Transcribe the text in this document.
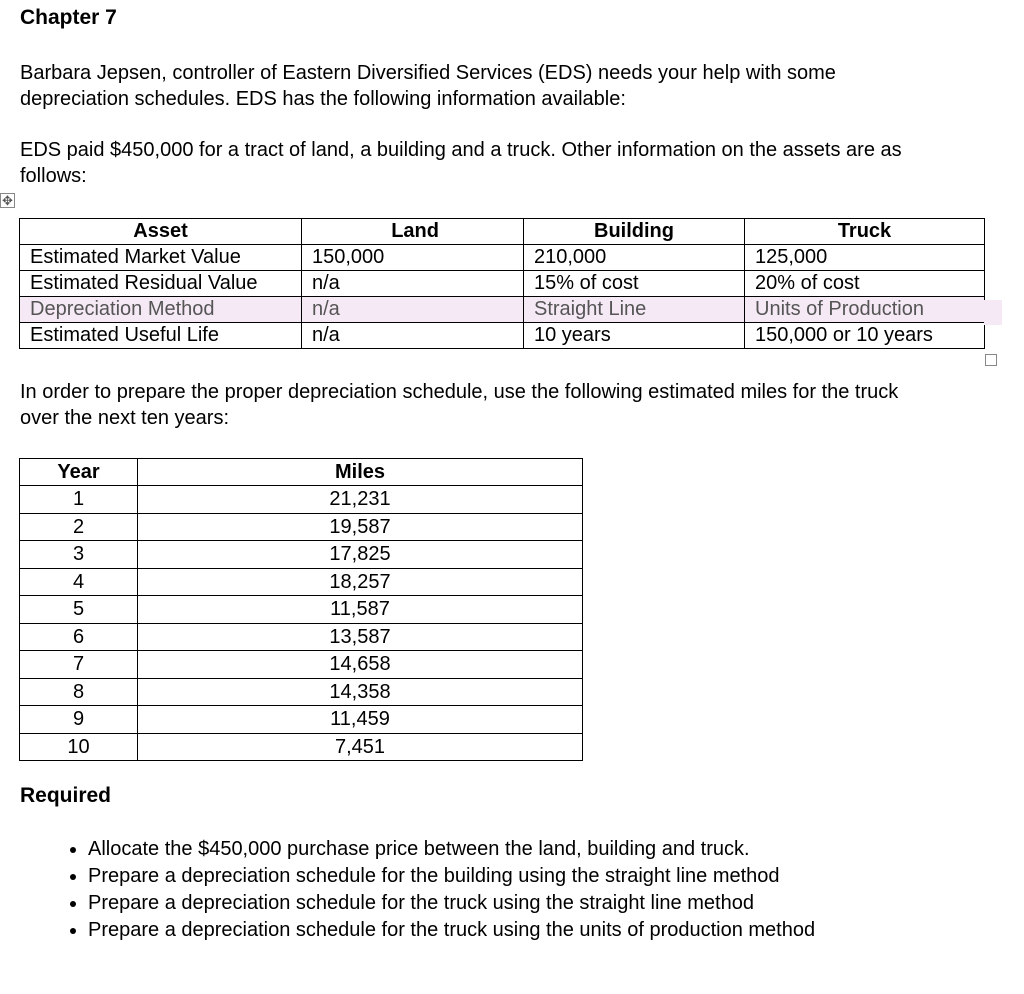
Chapter 7
Barbara Jepsen, controller of Eastern Diversified Services (EDS) needs your help with some depreciation schedules. EDS has the following information available:
EDS paid $450,000 for a tract of land, a building and a truck. Other information on the assets are as follows:
✥
Asset	Land	Building	Truck
Estimated Market Value	150,000	210,000	125,000
Estimated Residual Value	n/a	15% of cost	20% of cost
Depreciation Method	n/a	Straight Line	Units of Production
Estimated Useful Life	n/a	10 years	150,000 or 10 years
In order to prepare the proper depreciation schedule, use the following estimated miles for the truck over the next ten years:
Year	Miles
1	21,231
2	19,587
3	17,825
4	18,257
5	11,587
6	13,587
7	14,658
8	14,358
9	11,459
10	7,451
Required
• Allocate the $450,000 purchase price between the land, building and truck.
• Prepare a depreciation schedule for the building using the straight line method
• Prepare a depreciation schedule for the truck using the straight line method
• Prepare a depreciation schedule for the truck using the units of production method
